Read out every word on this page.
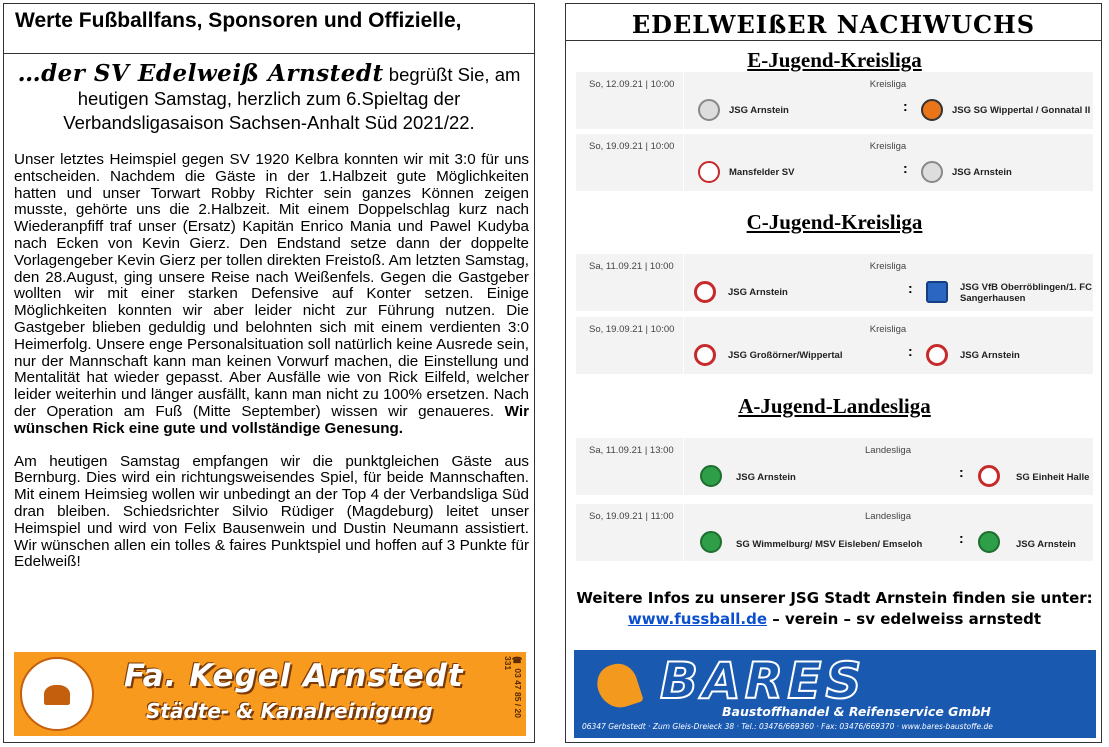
Werte Fußballfans, Sponsoren und Offizielle,
…der SV Edelweiß Arnstedt begrüßt Sie, am heutigen Samstag, herzlich zum 6.Spieltag der Verbandsligasaison Sachsen-Anhalt Süd 2021/22.

Unser letztes Heimspiel gegen SV 1920 Kelbra konnten wir mit 3:0 für uns entscheiden. Nachdem die Gäste in der 1.Halbzeit gute Möglichkeiten hatten und unser Torwart Robby Richter sein ganzes Können zeigen musste, gehörte uns die 2.Halbzeit. Mit einem Doppelschlag kurz nach Wiederanpfiff traf unser (Ersatz) Kapitän Enrico Mania und Pawel Kudyba nach Ecken von Kevin Gierz. Den Endstand setze dann der doppelte Vorlagengeber Kevin Gierz per tollen direkten Freistoß. Am letzten Samstag, den 28.August, ging unsere Reise nach Weißenfels. Gegen die Gastgeber wollten wir mit einer starken Defensive auf Konter setzen. Einige Möglichkeiten konnten wir aber leider nicht zur Führung nutzen. Die Gastgeber blieben geduldig und belohnten sich mit einem verdienten 3:0 Heimerfolg. Unsere enge Personalsituation soll natürlich keine Ausrede sein, nur der Mannschaft kann man keinen Vorwurf machen, die Einstellung und Mentalität hat wieder gepasst. Aber Ausfälle wie von Rick Eilfeld, welcher leider weiterhin und länger ausfällt, kann man nicht zu 100% ersetzen. Nach der Operation am Fuß (Mitte September) wissen wir genaueres. Wir wünschen Rick eine gute und vollständige Genesung.

Am heutigen Samstag empfangen wir die punktgleichen Gäste aus Bernburg. Dies wird ein richtungsweisendes Spiel, für beide Mannschaften. Mit einem Heimsieg wollen wir unbedingt an der Top 4 der Verbandsliga Süd dran bleiben. Schiedsrichter Silvio Rüdiger (Magdeburg) leitet unser Heimspiel und wird von Felix Bausenwein und Dustin Neumann assistiert. Wir wünschen allen ein tolles & faires Punktspiel und hoffen auf 3 Punkte für Edelweiß!

Fa. Kegel Arnstedt
Städte- & Kanalreinigung	☎ 03 47 85 / 20 331
EDELWEIßER NACHWUCHS
E-Jugend-Kreisliga
So, 12.09.21 | 10:00	Kreisliga
JSG Arnstein	:	JSG SG Wippertal / Gonnatal II
So, 19.09.21 | 10:00	Kreisliga
Mansfelder SV	:	JSG Arnstein
C-Jugend-Kreisliga
Sa, 11.09.21 | 10:00	Kreisliga
JSG Arnstein	:	JSG VfB Oberröblingen/1. FC Sangerhausen
So, 19.09.21 | 10:00	Kreisliga
JSG Großörner/Wippertal	:	JSG Arnstein
A-Jugend-Landesliga
Sa, 11.09.21 | 13:00	Landesliga
JSG Arnstein	:	SG Einheit Halle
So, 19.09.21 | 11:00	Landesliga
SG Wimmelburg/ MSV Eisleben/ Emseloh	:	JSG Arnstein
Weitere Infos zu unserer JSG Stadt Arnstein finden sie unter:
www.fussball.de – verein – sv edelweiss arnstedt
BARES
Baustoffhandel & Reifenservice GmbH
06347 Gerbstedt · Zum Gleis-Dreieck 38 · Tel.: 03476/669360 · Fax: 03476/669370 · www.bares-baustoffe.de
